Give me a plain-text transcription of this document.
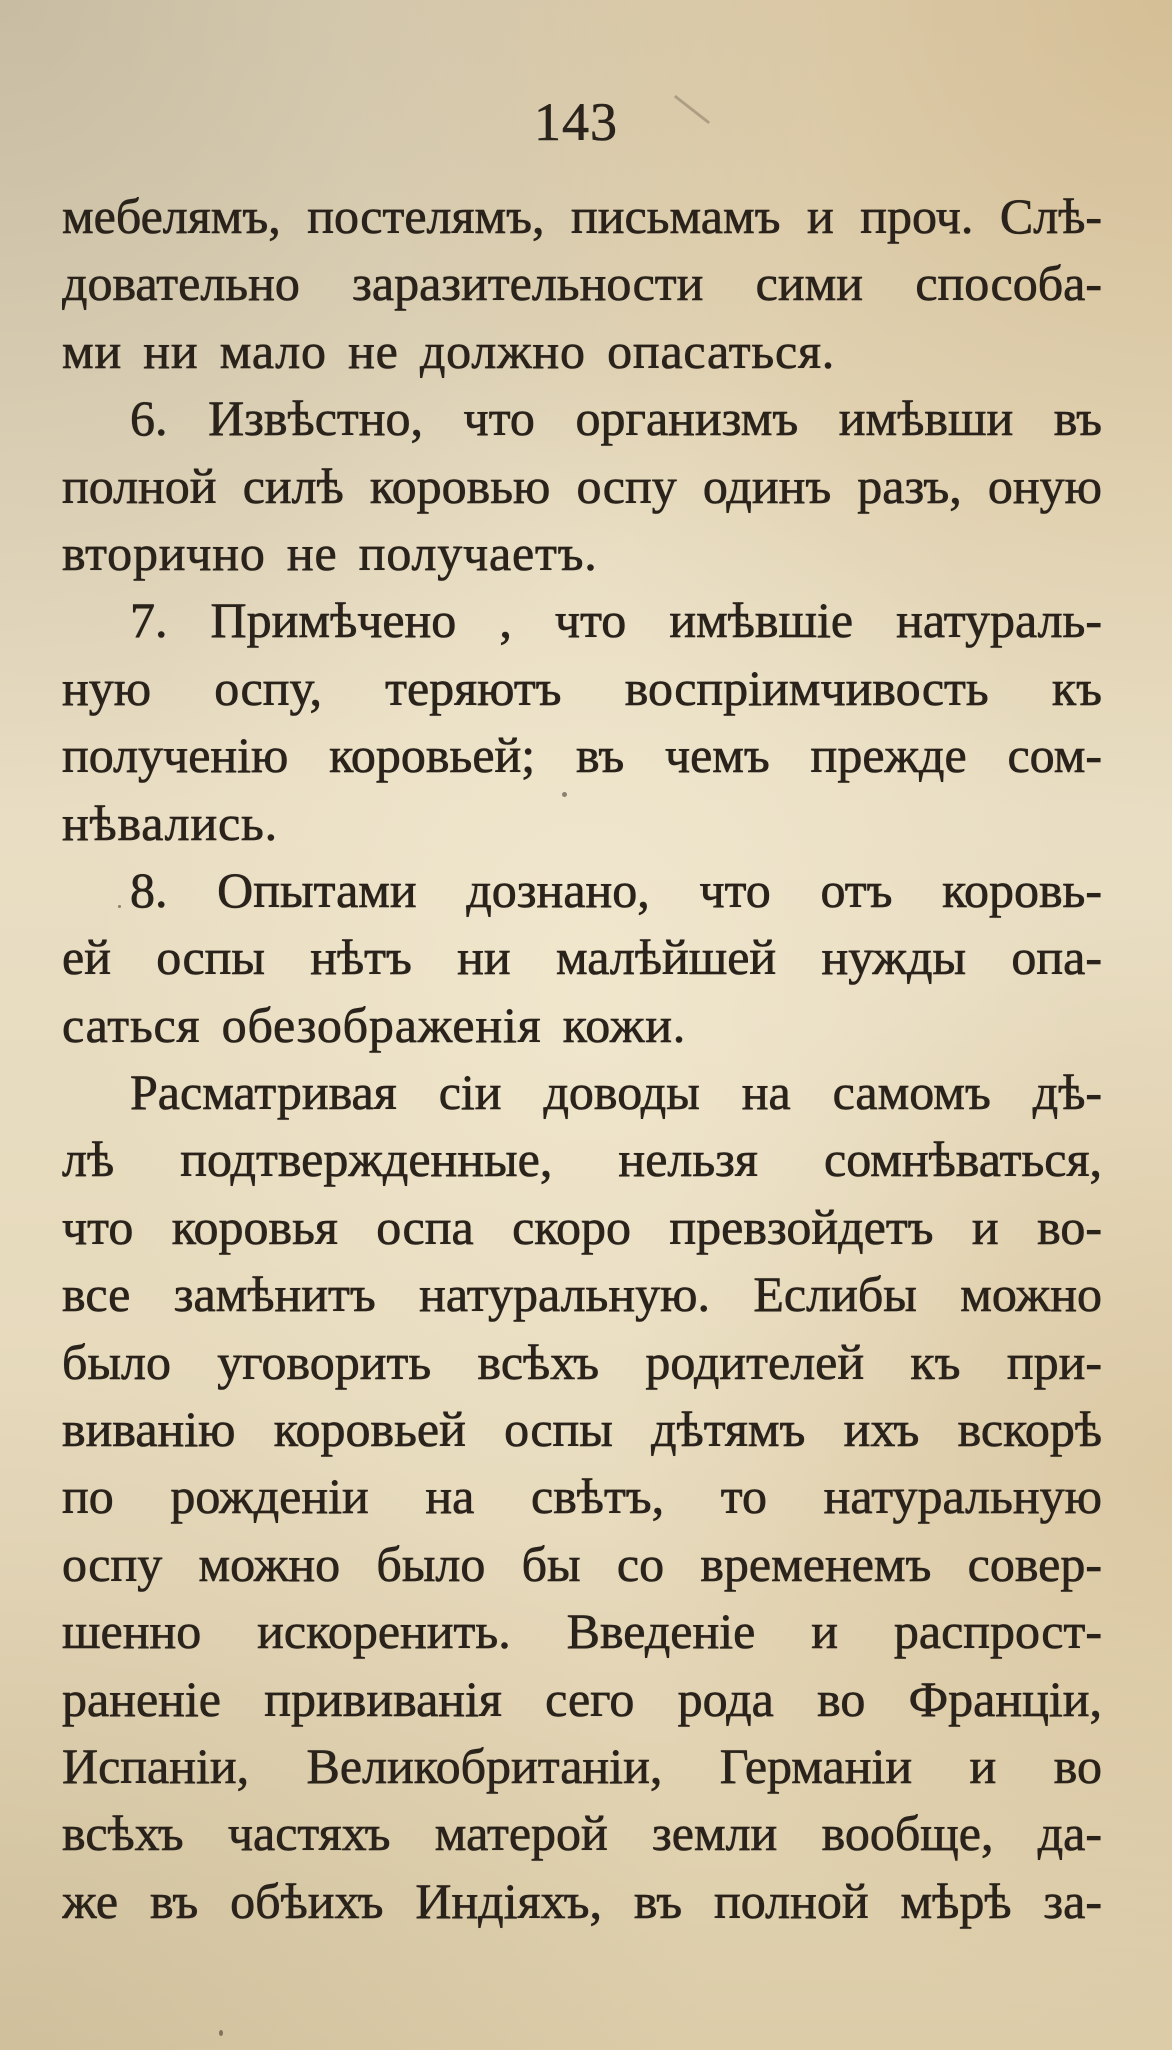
143
мебелямъ, постелямъ, письмамъ и проч. Слѣ-
довательно заразительности сими способа-
ми ни мало не должно опасаться.
6. Извѣстно, что организмъ имѣвши въ
полной силѣ коровью оспу одинъ разъ, оную
вторично не получаетъ.
7. Примѣчено , что имѣвшіе натураль-
ную оспу, теряютъ воспріимчивость къ
полученію коровьей; въ чемъ прежде сом-
нѣвались.
8. Опытами дознано, что отъ коровь-
ей оспы нѣтъ ни малѣйшей нужды опа-
саться обезображенія кожи.
Расматривая сіи доводы на самомъ дѣ-
лѣ подтвержденные, нельзя сомнѣваться,
что коровья оспа скоро превзойдетъ и во-
все замѣнитъ натуральную. Еслибы можно
было уговорить всѣхъ родителей къ при-
виванію коровьей оспы дѣтямъ ихъ вскорѣ
по рожденіи на свѣтъ, то натуральную
оспу можно было бы со временемъ совер-
шенно искоренить. Введеніе и распрост-
раненіе прививанія сего рода во Франціи,
Испаніи, Великобританіи, Германіи и во
всѣхъ частяхъ матерой земли вообще, да-
же въ обѣихъ Индіяхъ, въ полной мѣрѣ за-
